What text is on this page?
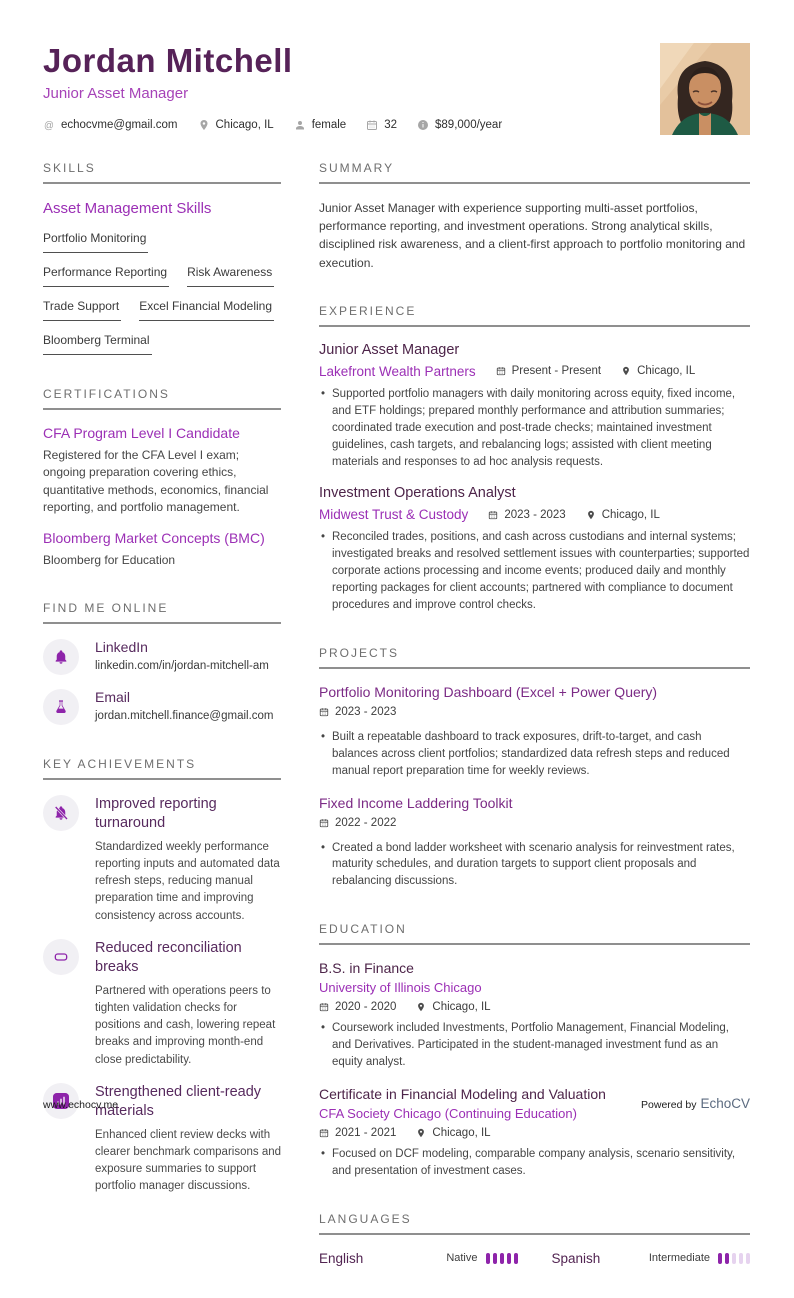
Jordan Mitchell
Junior Asset Manager
@ echocvme@gmail.com	Chicago, IL	female	32	$89,000/year
SKILLS
Asset Management Skills
Portfolio Monitoring
Performance Reporting Risk Awareness
Trade Support Excel Financial Modeling
Bloomberg Terminal
CERTIFICATIONS
CFA Program Level I Candidate
Registered for the CFA Level I exam; ongoing preparation covering ethics, quantitative methods, economics, financial reporting, and portfolio management.
Bloomberg Market Concepts (BMC)
Bloomberg for Education
FIND ME ONLINE
LinkedIn
linkedin.com/in/jordan-mitchell-am
Email
jordan.mitchell.finance@gmail.com
KEY ACHIEVEMENTS
Improved reporting turnaround
Standardized weekly performance reporting inputs and automated data refresh steps, reducing manual preparation time and improving consistency across accounts.
Reduced reconciliation breaks
Partnered with operations peers to tighten validation checks for positions and cash, lowering repeat breaks and improving month-end close predictability.
Strengthened client-ready materials
Enhanced client review decks with clearer benchmark comparisons and exposure summaries to support portfolio manager discussions.
SUMMARY

Junior Asset Manager with experience supporting multi-asset portfolios, performance reporting, and investment operations. Strong analytical skills, disciplined risk awareness, and a client-first approach to portfolio monitoring and execution.

EXPERIENCE
Junior Asset Manager
Lakefront Wealth Partners	Present - Present	Chicago, IL
• Supported portfolio managers with daily monitoring across equity, fixed income, and ETF holdings; prepared monthly performance and attribution summaries; coordinated trade execution and post-trade checks; maintained investment guidelines, cash targets, and rebalancing logs; assisted with client meeting materials and responses to ad hoc analysis requests.
Investment Operations Analyst
Midwest Trust & Custody	2023 - 2023	Chicago, IL
• Reconciled trades, positions, and cash across custodians and internal systems; investigated breaks and resolved settlement issues with counterparties; supported corporate actions processing and income events; produced daily and monthly reporting packages for client accounts; partnered with compliance to document procedures and improve control checks.
PROJECTS
Portfolio Monitoring Dashboard (Excel + Power Query)
2023 - 2023
• Built a repeatable dashboard to track exposures, drift-to-target, and cash balances across client portfolios; standardized data refresh steps and reduced manual report preparation time for weekly reviews.
Fixed Income Laddering Toolkit
2022 - 2022
• Created a bond ladder worksheet with scenario analysis for reinvestment rates, maturity schedules, and duration targets to support client proposals and rebalancing discussions.
EDUCATION
B.S. in Finance
University of Illinois Chicago
2020 - 2020	Chicago, IL
• Coursework included Investments, Portfolio Management, Financial Modeling, and Derivatives. Participated in the student-managed investment fund as an equity analyst.
Certificate in Financial Modeling and Valuation
CFA Society Chicago (Continuing Education)
2021 - 2021	Chicago, IL
• Focused on DCF modeling, comparable company analysis, scenario sensitivity, and presentation of investment cases.
LANGUAGES
English	Native	Spanish	Intermediate
www.echocv.me	Powered by EchoCV
